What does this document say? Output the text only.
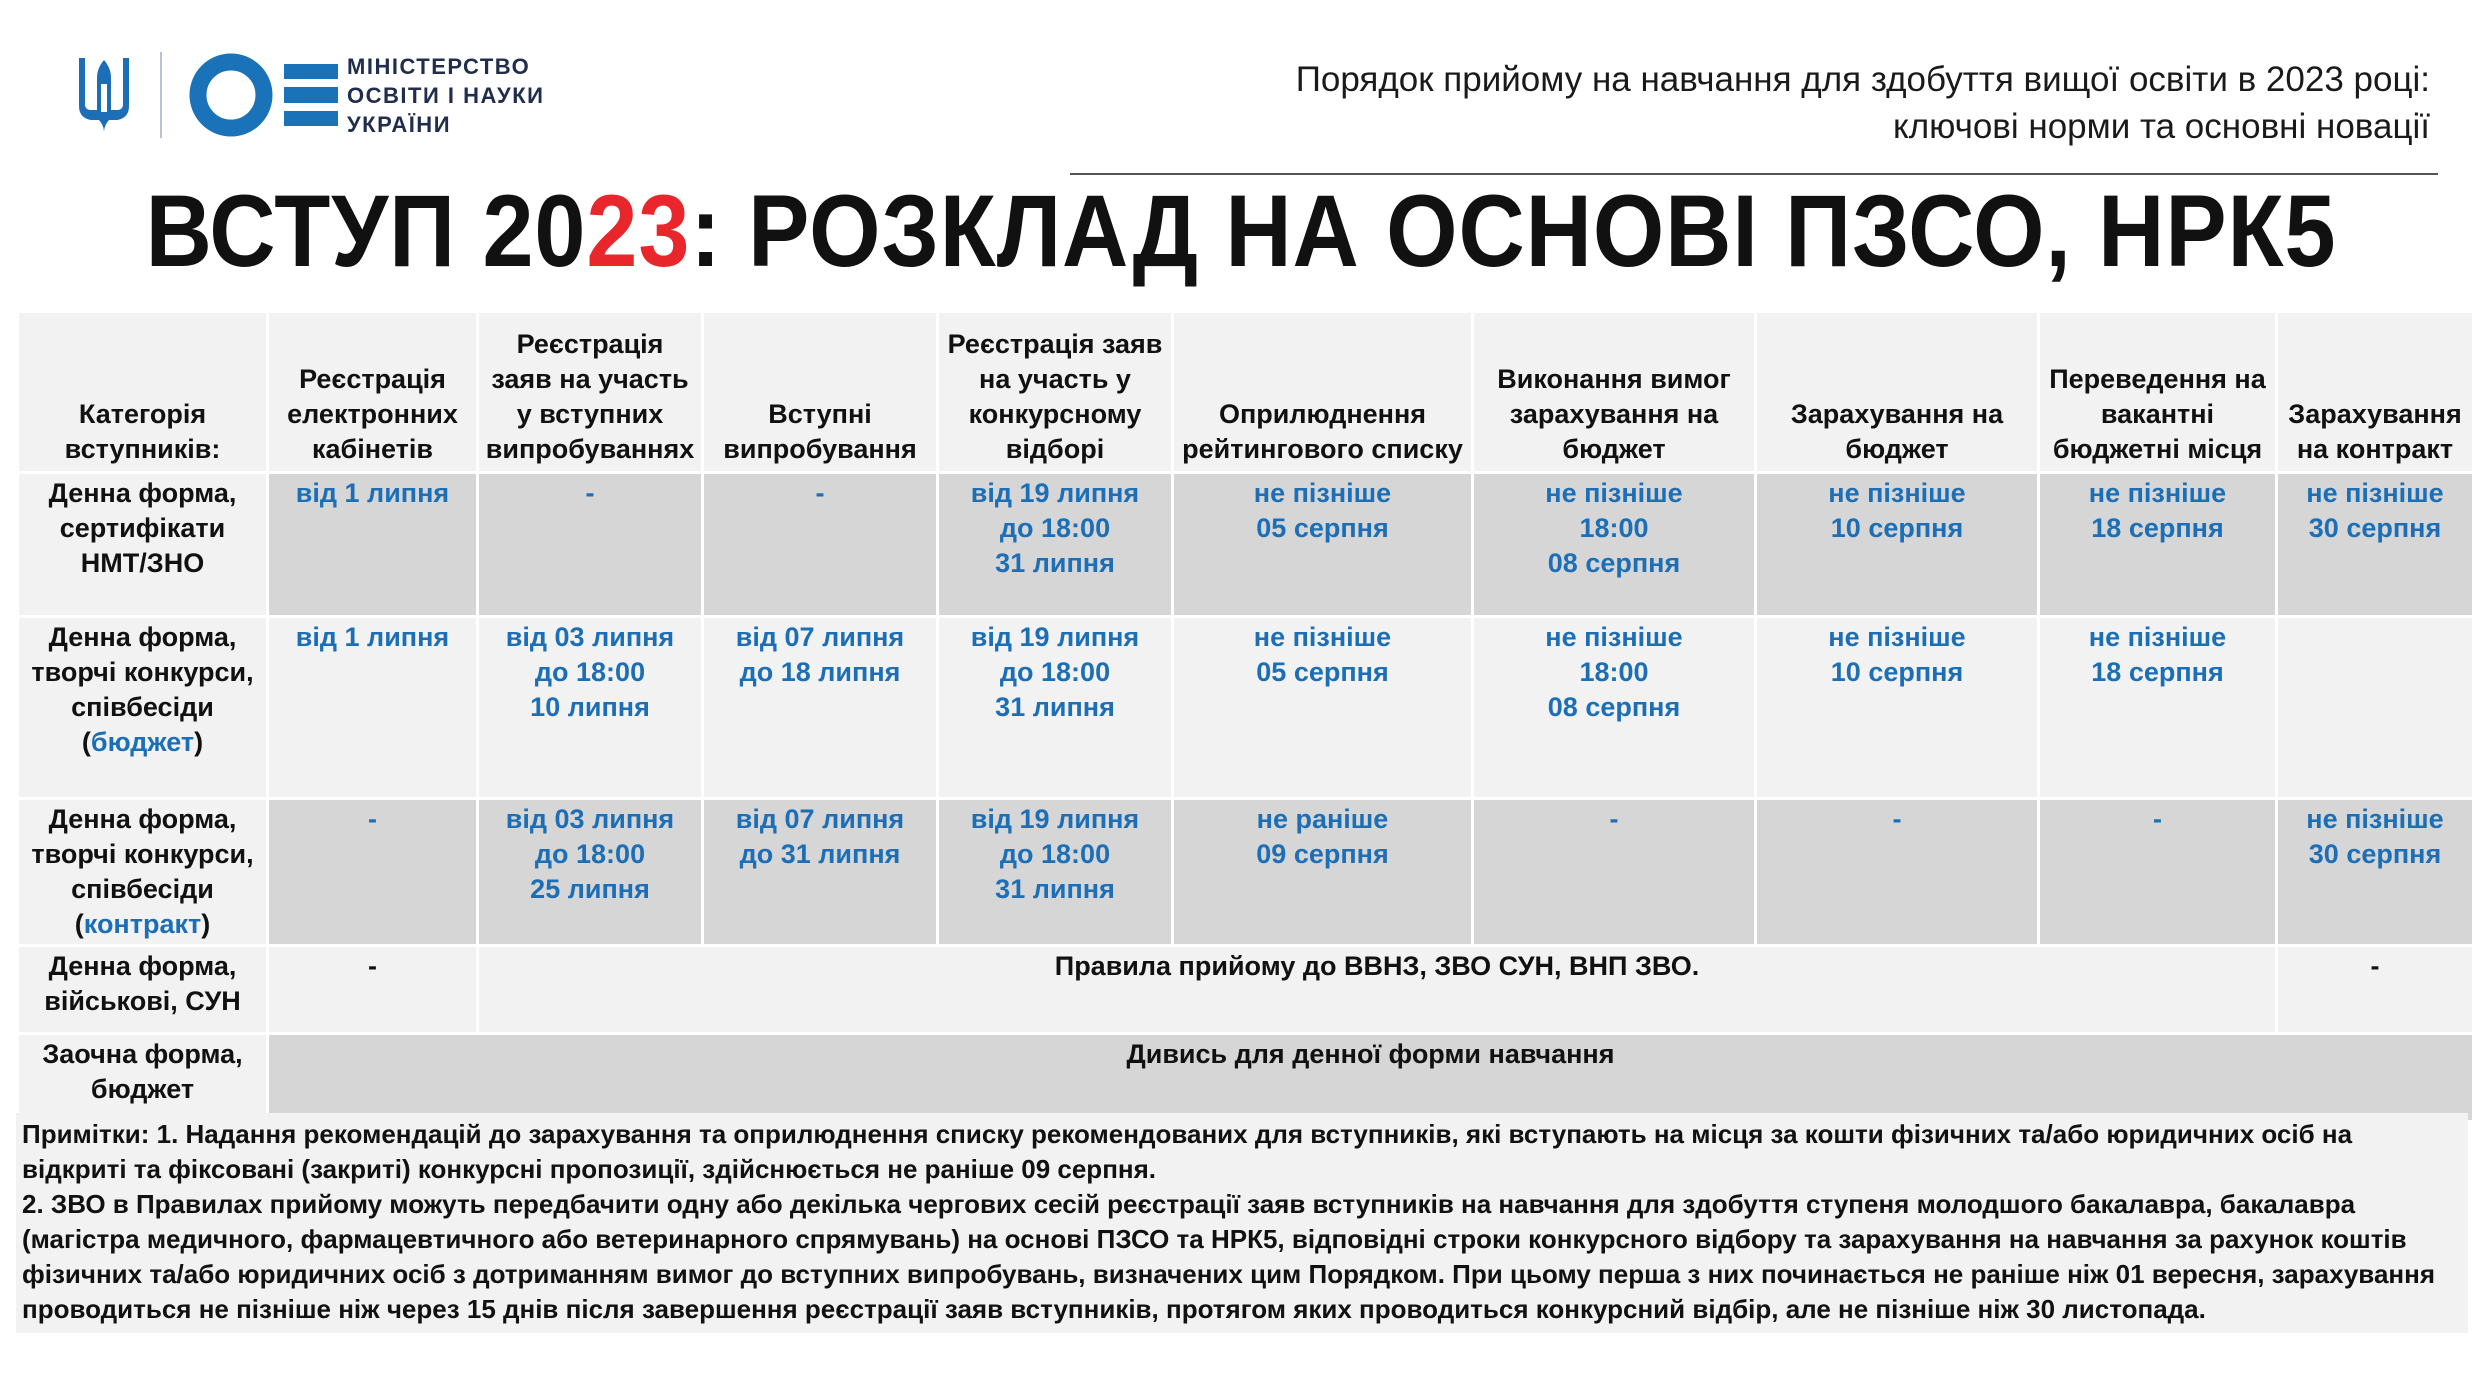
МІНІСТЕРСТВО
ОСВІТИ І НАУКИ
УКРАЇНИ
Порядок прийому на навчання для здобуття вищої освіти в 2023 році:
ключові норми та основні новації
ВСТУП 2023: РОЗКЛАД НА ОСНОВІ ПЗСО, НРК5
Категорія вступників:	Реєстрація електронних кабінетів	Реєстрація заяв на участь у вступних випробуваннях	Вступні випробування	Реєстрація заяв на участь у конкурсному відборі	Оприлюднення рейтингового списку	Виконання вимог зарахування на бюджет	Зарахування на бюджет	Переведення на вакантні бюджетні місця	Зарахування на контракт

Денна форма,
сертифікати
НМТ/ЗНО	від 1 липня	-	-	від 19 липня
до 18:00
31 липня	не пізніше
05 серпня	не пізніше
18:00
08 серпня	не пізніше
10 серпня	не пізніше
18 серпня	не пізніше
30 серпня

Денна форма,
творчі конкурси,
співбесіди
(бюджет)	від 1 липня	від 03 липня
до 18:00
10 липня	від 07 липня
до 18 липня	від 19 липня
до 18:00
31 липня	не пізніше
05 серпня	не пізніше
18:00
08 серпня	не пізніше
10 серпня	не пізніше
18 серпня	

Денна форма,
творчі конкурси,
співбесіди
(контракт)	-	від 03 липня
до 18:00
25 липня	від 07 липня
до 31 липня	від 19 липня
до 18:00
31 липня	не раніше
09 серпня	-	-	-	не пізніше
30 серпня

Денна форма,
військові, СУН	-	Правила прийому до ВВНЗ, ЗВО СУН, ВНП ЗВО.							-

Заочна форма,
бюджет	Дивись для денної форми навчання								

Примітки: 1. Надання рекомендацій до зарахування та оприлюднення списку рекомендованих для вступників, які вступають на місця за кошти фізичних та/або юридичних осіб на відкриті та фіксовані (закриті) конкурсні пропозиції, здійснюється не раніше 09 серпня.

2. ЗВО в Правилах прийому можуть передбачити одну або декілька чергових сесій реєстрації заяв вступників на навчання для здобуття ступеня молодшого бакалавра, бакалавра (магістра медичного, фармацевтичного або ветеринарного спрямувань) на основі ПЗСО та НРК5, відповідні строки конкурсного відбору та зарахування на навчання за рахунок коштів фізичних та/або юридичних осіб з дотриманням вимог до вступних випробувань, визначених цим Порядком. При цьому перша з них починається не раніше ніж 01 вересня, зарахування проводиться не пізніше ніж через 15 днів після завершення реєстрації заяв вступників, протягом яких проводиться конкурсний відбір, але не пізніше ніж 30 листопада.
